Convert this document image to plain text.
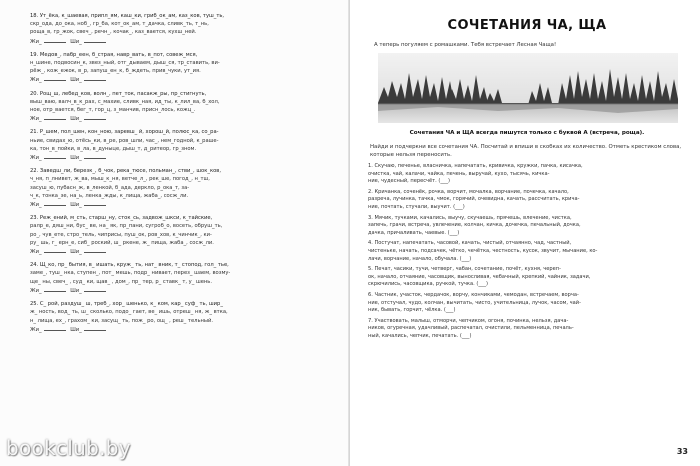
18. Ут_ёка, к_шаевая, припл_ям, каш_ки, гриб_ок_ам, каз_ков, туш_ть,
скр_ода, до_ока, ноб_, гр_ба, кот_ок_ам, т_дачка, сливк_ть, т_нь,
роща_в, гр_жок, свеч_, речн_, кочак_, каз_вается, кухш_ней.
Жи_	Ши_
19. Медов_, пабр_еен, б_страя, навр_вать, в_пот, совеж_мся,
н_шине, подвосин_к, звез_ный, отг_дываем, дыш_ся, тр_ставить, ви-
рёж_, кож_ежок, в_р, запуш_ен_к, б_ждеть, прив_чуки, ут_ия.
Жи_	Ши_
20. Рощ_ш, лебед_ков, волн_, пет_ток, пасакж_ры, пр_стигнуть,
выш_ваю, валч_в_к_рах, с_махие, сливк_ная, ид_ты, к_лил_ва, б_хол,
ное, отр_вается, бег_т, гор_ц, з_манчив, присн_лось, кожц_.
Жи_	Ши_
21. Р_шем, пол_шен, кон_ною, заревш_ й, хорош_й, полюс_ка, со_ра-
ньие, свидах_ю, отёсь_ки, в_ре, ров_шли, час_, нем_годной, к_раше-
ка, тон_в_пойки, в_ла, в_дуныце, дыш_т, д_ритеор, гр_зном.
Жи_	Ши_
22. Заведш_ли, березк_, б_чок, река_тюсе, польман_, стви_, шок_ков,
ч_ня, п_лнивет, ж_ва, мыш_к_ня, ветче_л_, рек_ше, погод_, н_тш,
засуш_ю, пубасн_ж, в_ленкой, б_ада, деркло, р_ока_т, за-
ч_к, тонка_зе, на_ь, ленка_жды, к_лища, жаба_, сосж_ли.
Жи_	Ши_
23. Реж_ений, м_сть, старш_ну, сток_сь, задвож_шкси, к_тайские,
ралр_е, дяш_ни, бус_ ве, на_ як, пр_пани, сугроб_о, восеть, обруш_ть,
ро_, чув_ете, стро_тель, чиприсы, пуш_ок, ров_хов, к_чинчик_, ки-
ру_ шь, г_ ерн_е, сиб_ роский, ш_ ркене, ж_ пища, жаба_, сосж_ли.
Жи_	Ши_
24. Щ_ко, пр_ бытия, в_ ишать, круж_ ть, нат_ вник, т_ стопод, гол_ тье,
заме_, туш_ нка, ступен_, пот_ мешь, подр_ нивает, перез_ шаем, возму-
ще_ ны, свеч_ , суд_ ки, щав_ , дом_, пр_ тер, р_ ставк_ т, у_ шень.
Жи_	Ши_
25. С_ рой, раздуш_ ш, треб_, хор_ шенько, к_ ком, кар_ суф_ ть, шир_
ж_ ность, вод_ ть, ш_ сколько, подо_ гает, ве_ ишь, отреш_ ня, ж_ втка,
н_ лища, ех_, грахом_ ки, засущ_ ть, пож_ ро, ощ_ , реш_ тельный.
Жи_	Ши_
СОЧЕТАНИЯ ЧА, ЩА
А теперь погуляем с ромашками. Тебя встречает Лесная Чаща!
Сочетания ЧА и ЩА всегда пишутся только с буквой А (встреча, роща).
Найди и подчеркни все сочетания ЧА. Посчитай и впиши в скобках их количество. Отметь крестиком слова, которые нельзя переносить.
1. Скучаю, печенье, власничка, напечатать, кривичка, кружки, пачка, кисачка,
очистка, чай, калачи, чайка, печень, выручай, кухо, тысячь, кичка-
ние, чудесный, пересчёт. (___)
2. Кричанка, соченёк, рочка, ворчит, мочалка, ворчание, почечка, качало,
разреча, лучинка, тачка, чмок, горячий, очевидна, качать, рассчитать, крича-
ние, почтать, стучали, выучит. (___)
3. Мячик, тучками, качались, выучу, скучаешь, прячешь, влечение, чистка,
запечь, грачи, встреча, увлечение, колчан, кичка, дочечка, печальный, дочка,
дачка, причаливать, чаевые. (___)
4. Постучат, напечатать, часовой, качать, чистый, отчаянно, чад, частный,
чистеньке, начать, подсачек, чётко, чечётка, честность, кусок, звучит, мычание, ко-
лачи, ворчание, начало, обучала. (___)
5. Печат, часики, тучи, четверг, чабан, сочетание, почёт, кухня, череп-
ок, начало, отчаяние, часовщик, выносливая, чебачный, крепкий, чайник, задачи,
скрючились, часовщика, ручкой, тучка. (___)
6. Частник, участок, чердачок, ворчу, кончиками, чемодан, встречаем, ворча-
ние, отстучал, чудо, колчан, вычитать, чисто, учительница, лучок, часом, чай-
ник, бывать, горчит, чёлка. (___)
7. Участвовать, малыш, отморчи, чепчиком, огоня, починка, нельзя, дача-
ников, огуречная, удачливый, распечатал, очистили, пельменница, печаль-
ный, качались, чепчик, печатать. (___)
33
bookclub.by
